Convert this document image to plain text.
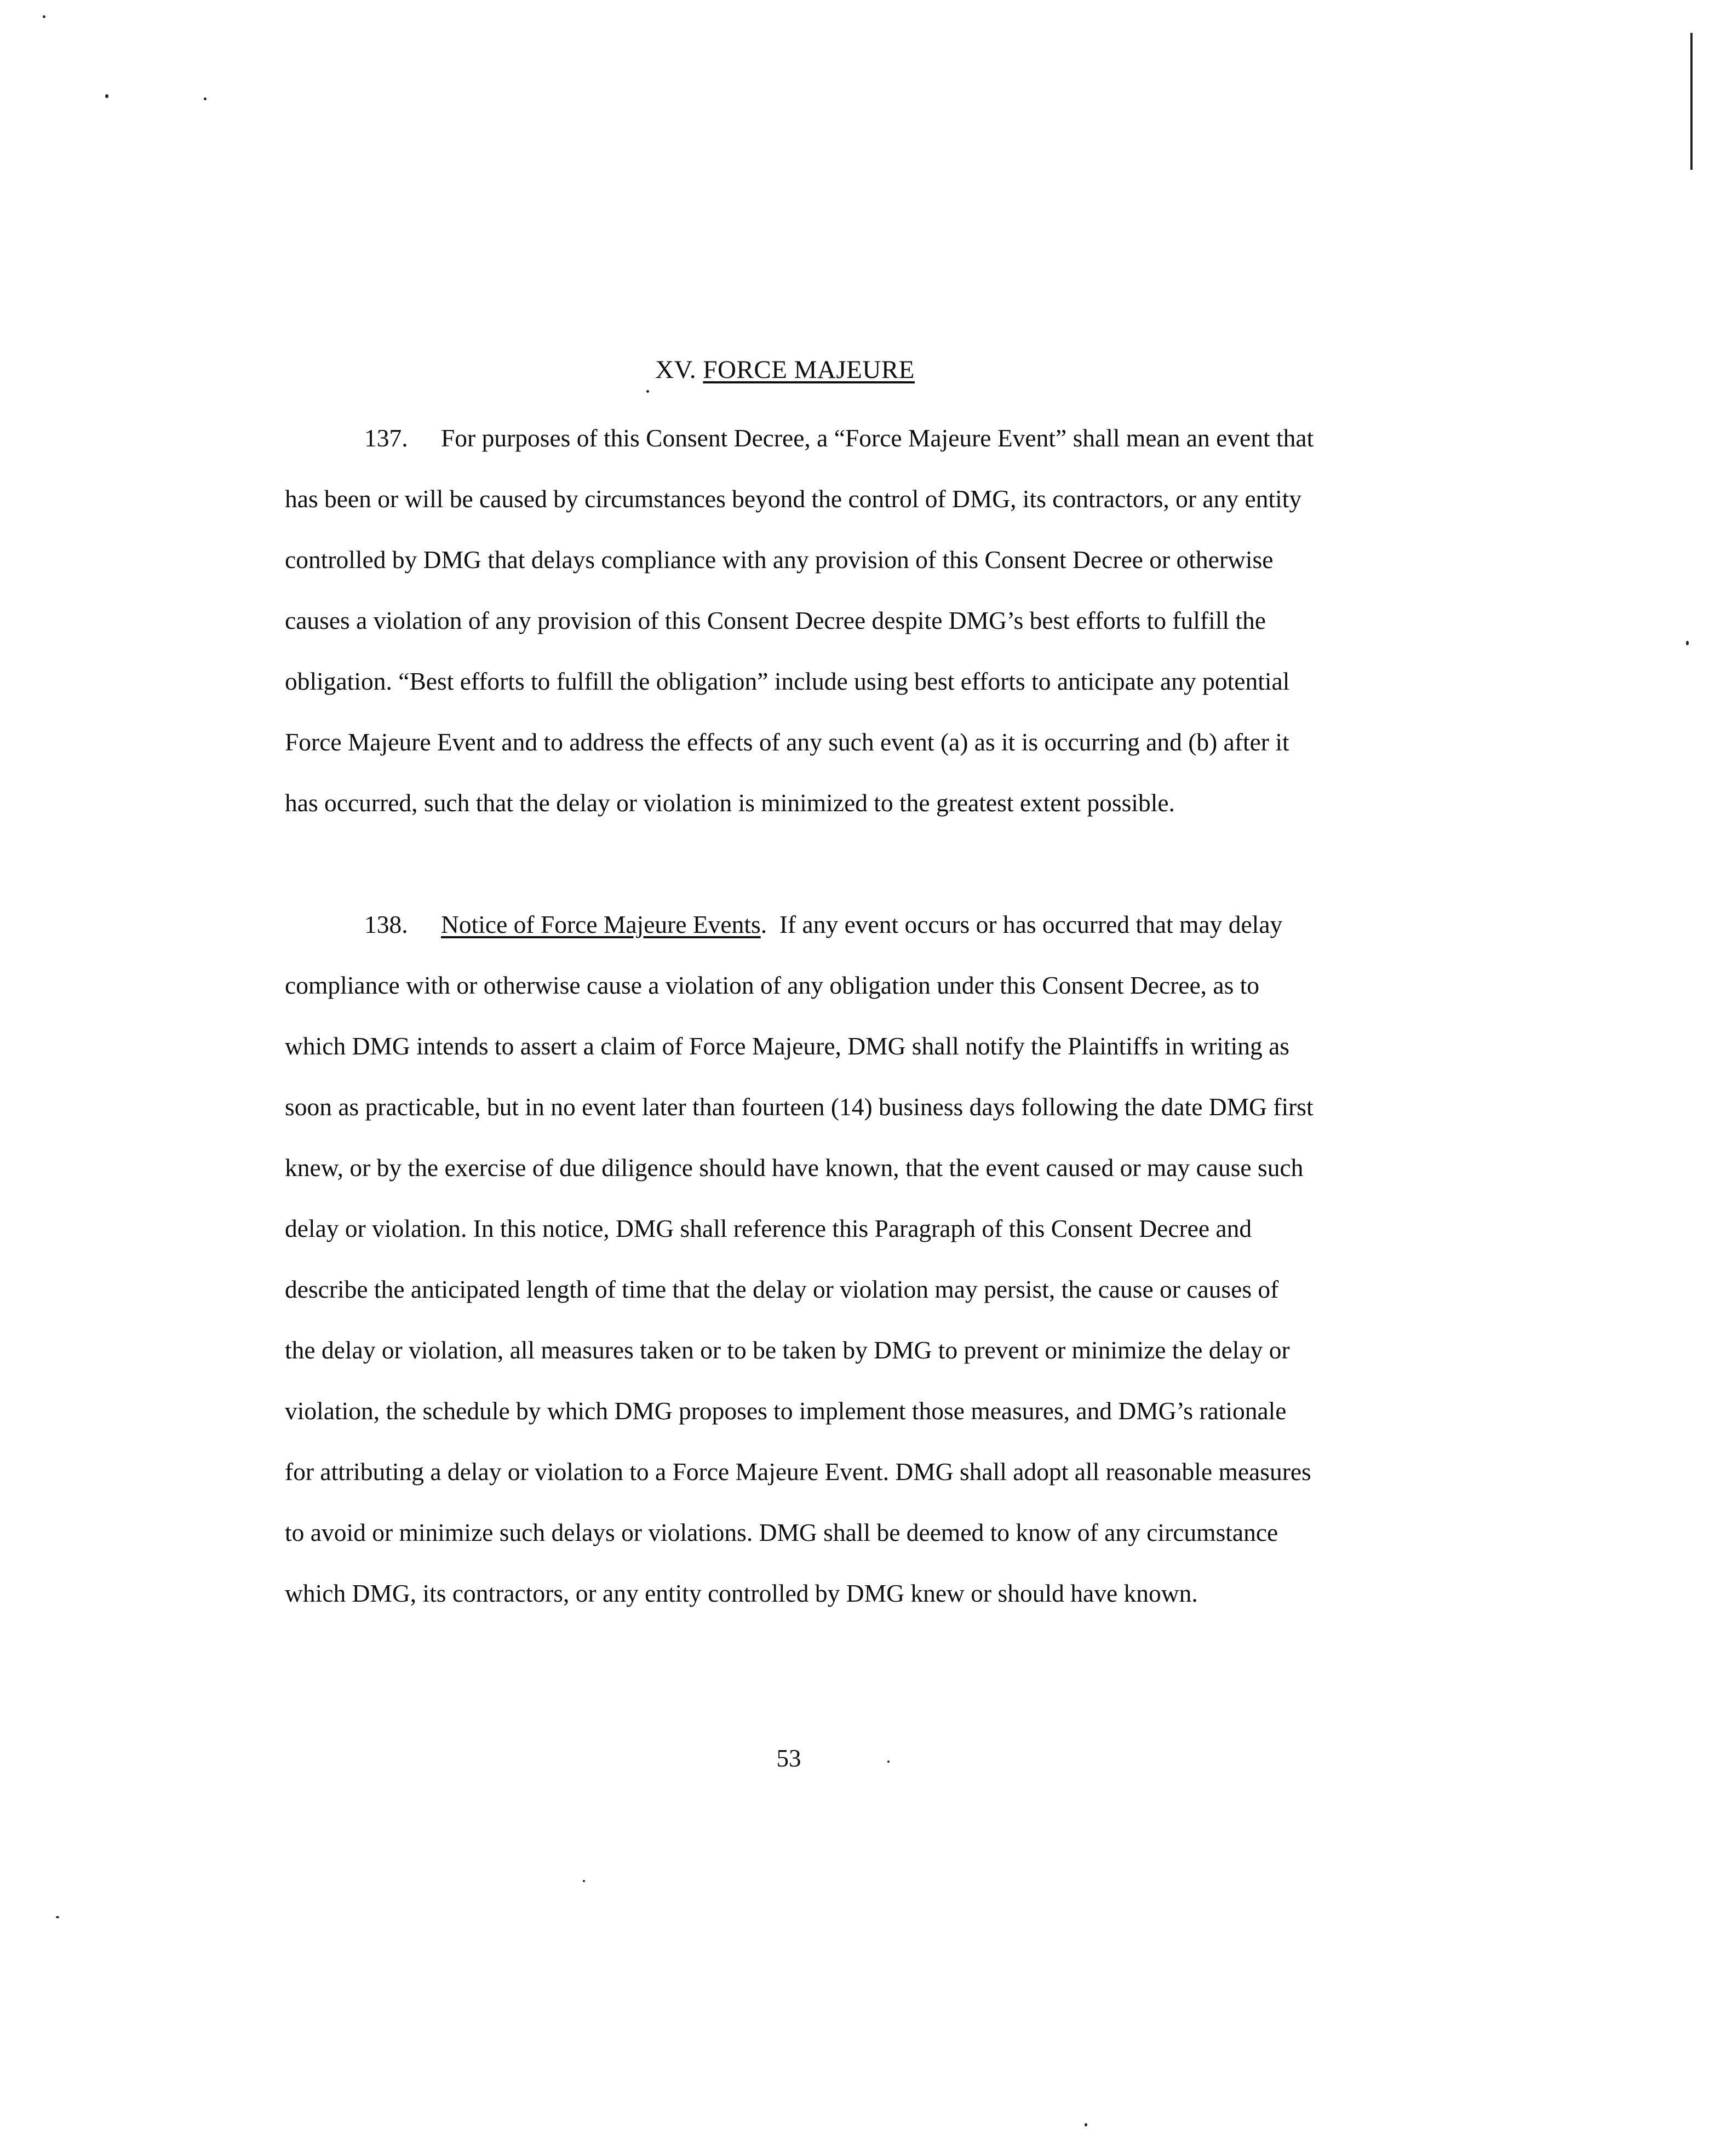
XV. FORCE MAJEURE

137. For purposes of this Consent Decree, a “Force Majeure Event” shall mean an event that has been or will be caused by circumstances beyond the control of DMG, its contractors, or any entity controlled by DMG that delays compliance with any provision of this Consent Decree or otherwise causes a violation of any provision of this Consent Decree despite DMG’s best efforts to fulfill the obligation. “Best efforts to fulfill the obligation” include using best efforts to anticipate any potential Force Majeure Event and to address the effects of any such event (a) as it is occurring and (b) after it has occurred, such that the delay or violation is minimized to the greatest extent possible.

138. Notice of Force Majeure Events.  If any event occurs or has occurred that may delay compliance with or otherwise cause a violation of any obligation under this Consent Decree, as to which DMG intends to assert a claim of Force Majeure, DMG shall notify the Plaintiffs in writing as soon as practicable, but in no event later than fourteen (14) business days following the date DMG first knew, or by the exercise of due diligence should have known, that the event caused or may cause such delay or violation. In this notice, DMG shall reference this Paragraph of this Consent Decree and describe the anticipated length of time that the delay or violation may persist, the cause or causes of the delay or violation, all measures taken or to be taken by DMG to prevent or minimize the delay or violation, the schedule by which DMG proposes to implement those measures, and DMG’s rationale for attributing a delay or violation to a Force Majeure Event. DMG shall adopt all reasonable measures to avoid or minimize such delays or violations. DMG shall be deemed to know of any circumstance which DMG, its contractors, or any entity controlled by DMG knew or should have known.

53
